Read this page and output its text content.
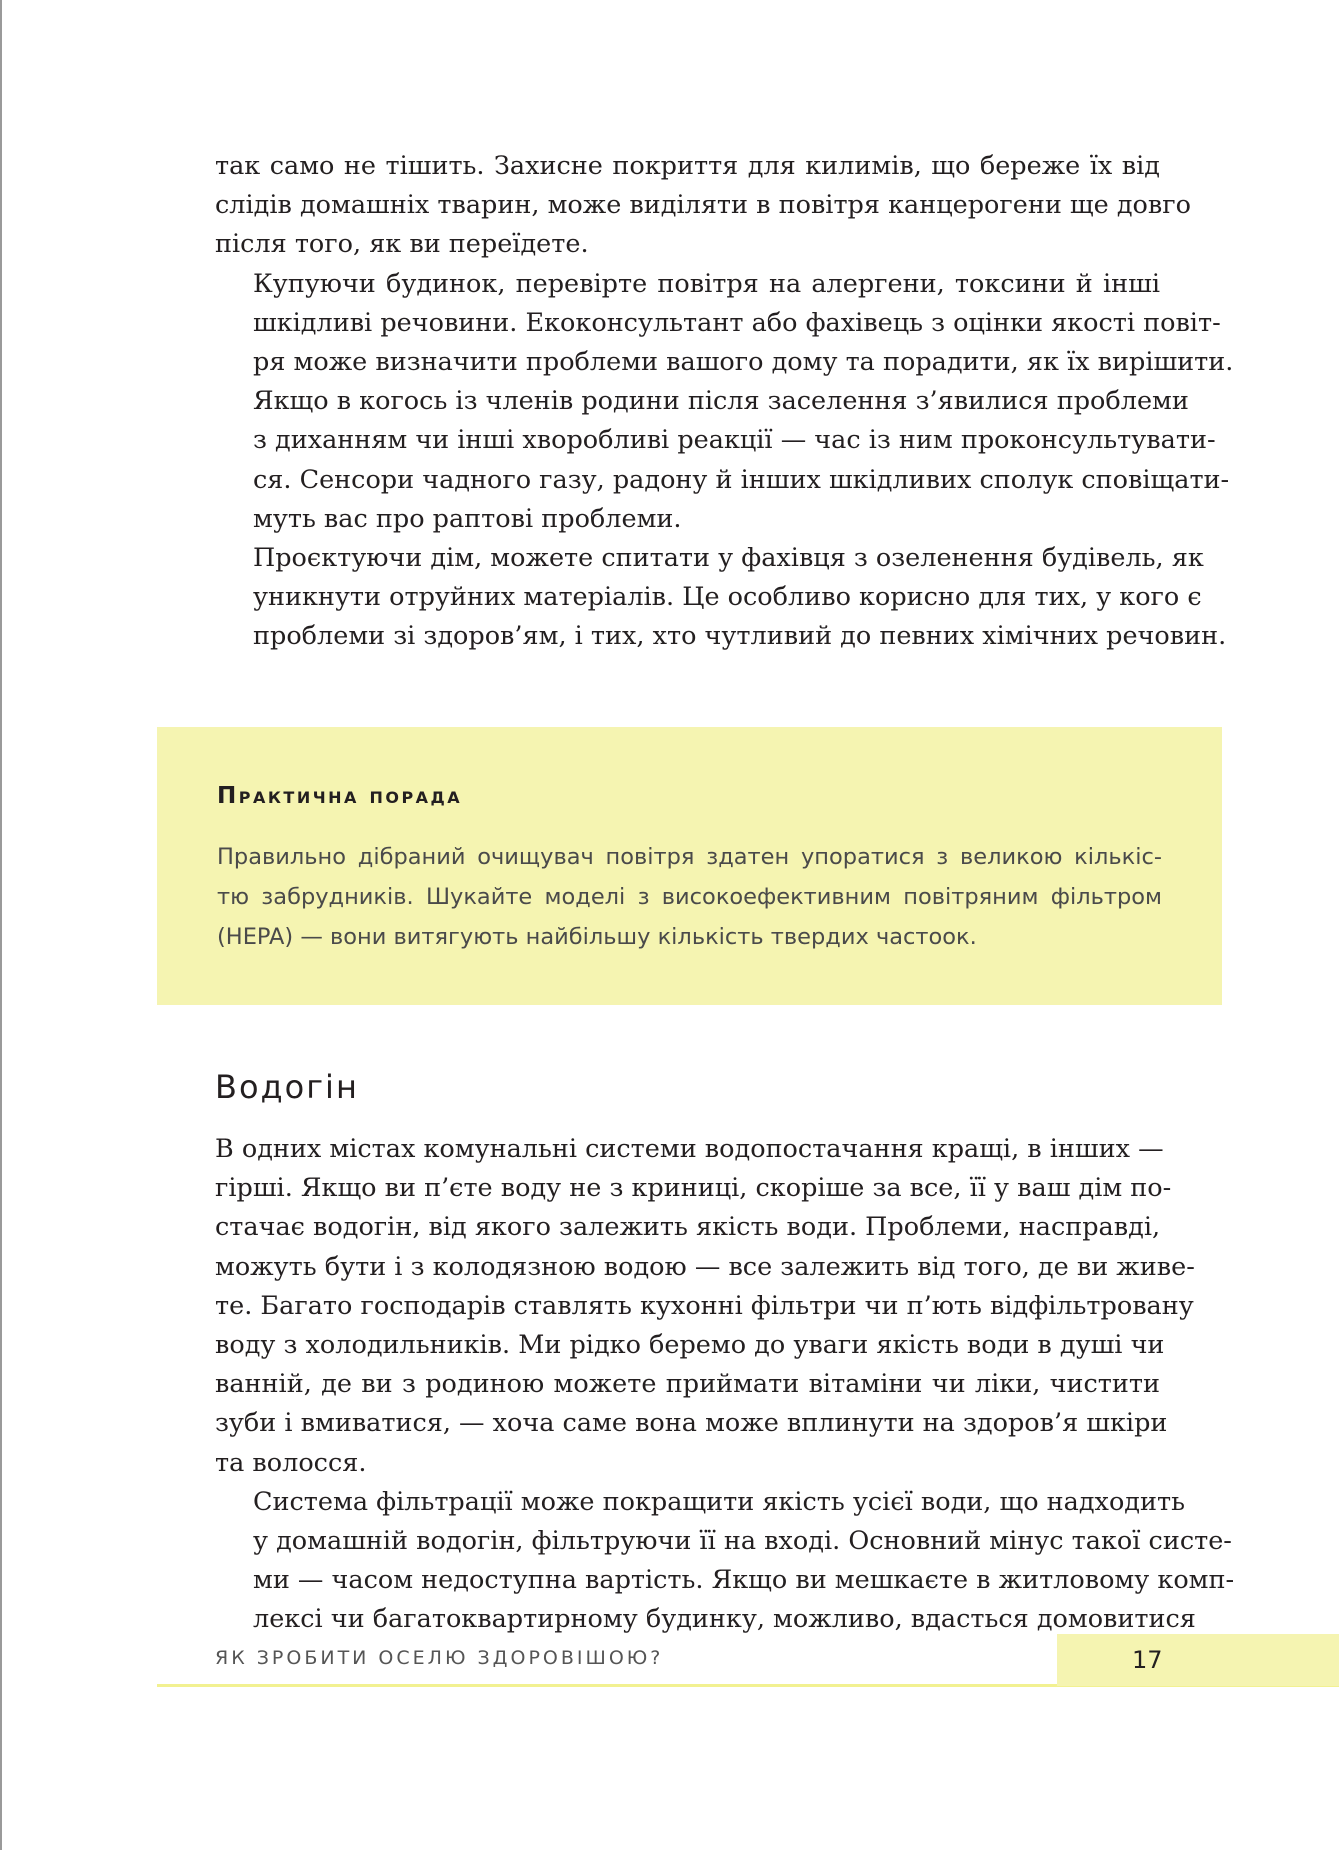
так само не тішить. Захисне покриття для килимів, що береже їх від
слідів домашніх тварин, може виділяти в повітря канцерогени ще довго
після того, як ви переїдете.

Купуючи будинок, перевірте повітря на алергени, токсини й інші
шкідливі речовини. Екоконсультант або фахівець з оцінки якості повіт-
ря може визначити проблеми вашого дому та порадити, як їх вирішити.
Якщо в когось із членів родини після заселення з’явилися проблеми
з диханням чи інші хворобливі реакції — час із ним проконсультувати-
ся. Сенсори чадного газу, радону й інших шкідливих сполук сповіщати-
муть вас про раптові проблеми.

Проєктуючи дім, можете спитати у фахівця з озеленення будівель, як
уникнути отруйних матеріалів. Це особливо корисно для тих, у кого є
проблеми зі здоров’ям, і тих, хто чутливий до певних хімічних речовин.

Практична порада
Правильно дібраний очищувач повітря здатен упоратися з великою кількіс-
тю забрудників. Шукайте моделі з високоефективним повітряним фільтром
(HEPA) — вони витягують найбільшу кількість твердих частоок.
Водогін

В одних містах комунальні системи водопостачання кращі, в інших —
гірші. Якщо ви п’єте воду не з криниці, скоріше за все, її у ваш дім по-
стачає водогін, від якого залежить якість води. Проблеми, насправді,
можуть бути і з колодязною водою — все залежить від того, де ви живе-
те. Багато господарів ставлять кухонні фільтри чи п’ють відфільтровану
воду з холодильників. Ми рідко беремо до уваги якість води в душі чи
ванній, де ви з родиною можете приймати вітаміни чи ліки, чистити
зуби і вмиватися, — хоча саме вона може вплинути на здоров’я шкіри
та волосся.

Система фільтрації може покращити якість усієї води, що надходить
у домашній водогін, фільтруючи її на вході. Основний мінус такої систе-
ми — часом недоступна вартість. Якщо ви мешкаєте в житловому комп-
лексі чи багатоквартирному будинку, можливо, вдасться домовитися

ЯК ЗРОБИТИ ОСЕЛЮ ЗДОРОВІШОЮ?	17
